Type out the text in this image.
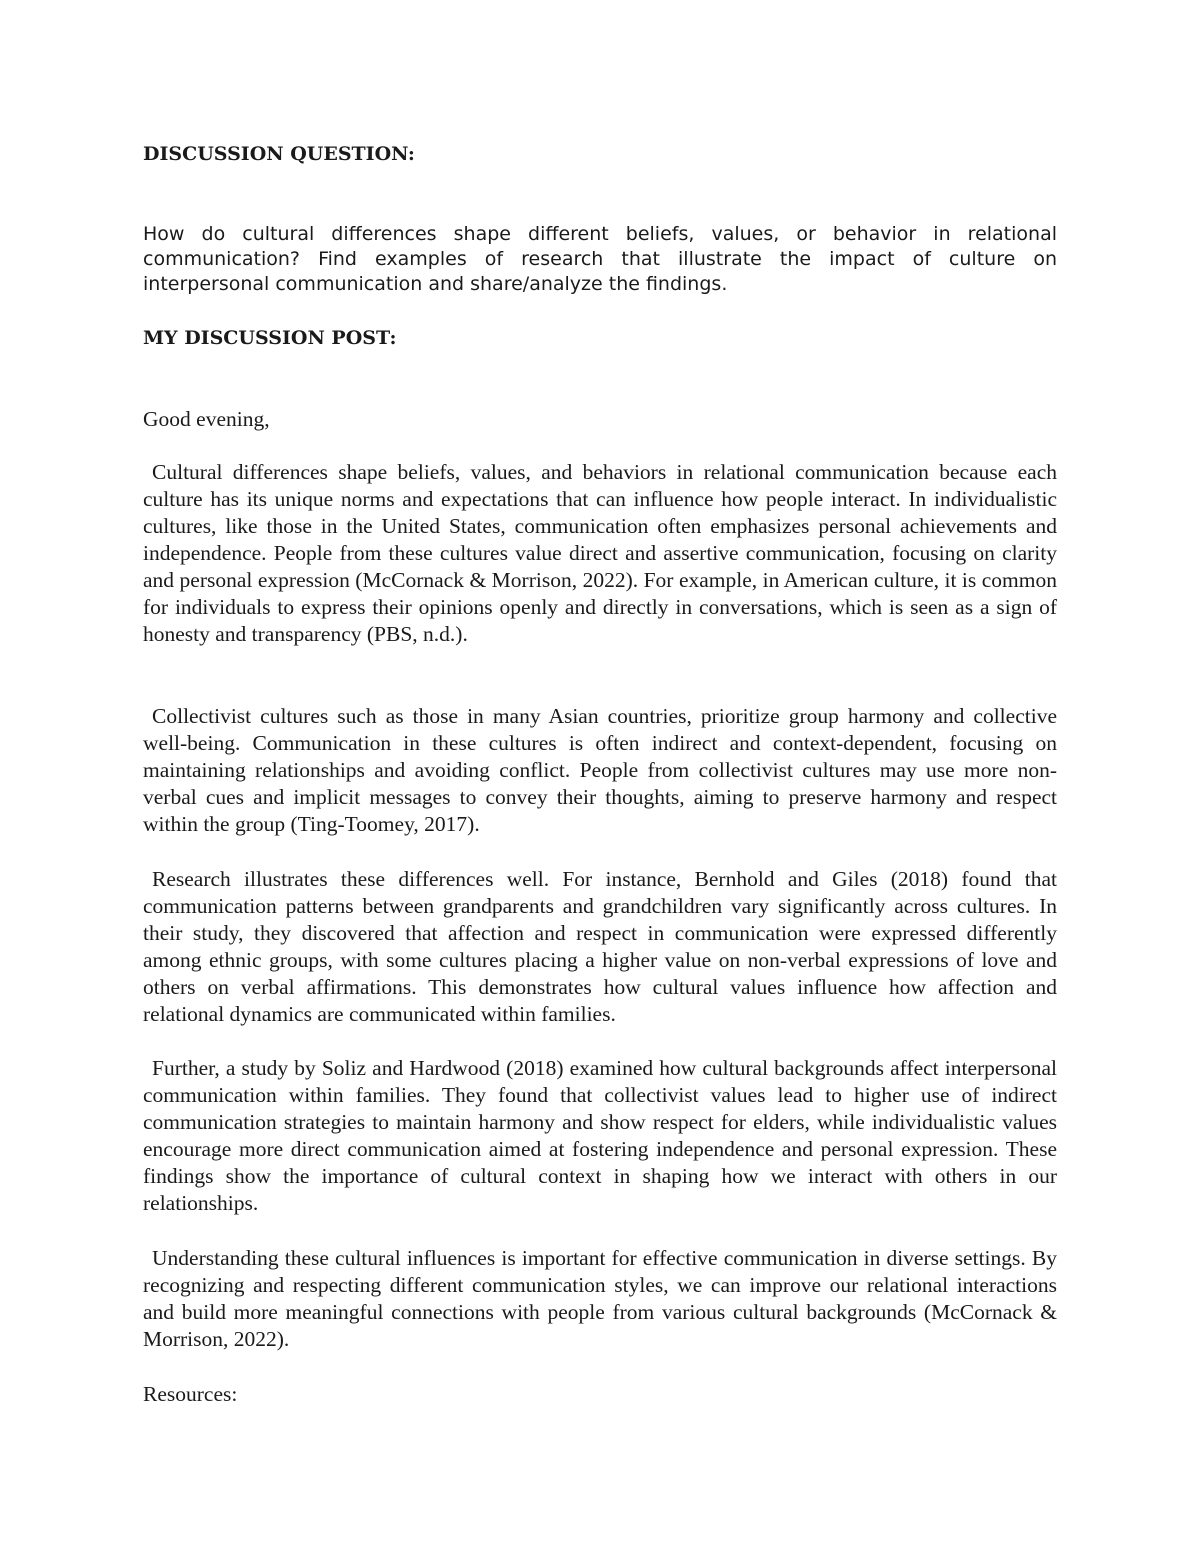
DISCUSSION QUESTION:

How do cultural differences shape different beliefs, values, or behavior in relational communication? Find examples of research that illustrate the impact of culture on interpersonal communication and share/analyze the findings.

MY DISCUSSION POST:

Good evening,

Cultural differences shape beliefs, values, and behaviors in relational communication because each culture has its unique norms and expectations that can influence how people interact. In individualistic cultures, like those in the United States, communication often emphasizes personal achievements and independence. People from these cultures value direct and assertive communication, focusing on clarity and personal expression (McCornack & Morrison, 2022). For example, in American culture, it is common for individuals to express their opinions openly and directly in conversations, which is seen as a sign of honesty and transparency (PBS, n.d.).

Collectivist cultures such as those in many Asian countries, prioritize group harmony and collective well-being. Communication in these cultures is often indirect and context-dependent, focusing on maintaining relationships and avoiding conflict. People from collectivist cultures may use more non-verbal cues and implicit messages to convey their thoughts, aiming to preserve harmony and respect within the group (Ting-Toomey, 2017).

Research illustrates these differences well. For instance, Bernhold and Giles (2018) found that communication patterns between grandparents and grandchildren vary significantly across cultures. In their study, they discovered that affection and respect in communication were expressed differently among ethnic groups, with some cultures placing a higher value on non-verbal expressions of love and others on verbal affirmations. This demonstrates how cultural values influence how affection and relational dynamics are communicated within families.

Further, a study by Soliz and Hardwood (2018) examined how cultural backgrounds affect interpersonal communication within families. They found that collectivist values lead to higher use of indirect communication strategies to maintain harmony and show respect for elders, while individualistic values encourage more direct communication aimed at fostering independence and personal expression. These findings show the importance of cultural context in shaping how we interact with others in our relationships.

Understanding these cultural influences is important for effective communication in diverse settings. By recognizing and respecting different communication styles, we can improve our relational interactions and build more meaningful connections with people from various cultural backgrounds (McCornack & Morrison, 2022).

Resources:
